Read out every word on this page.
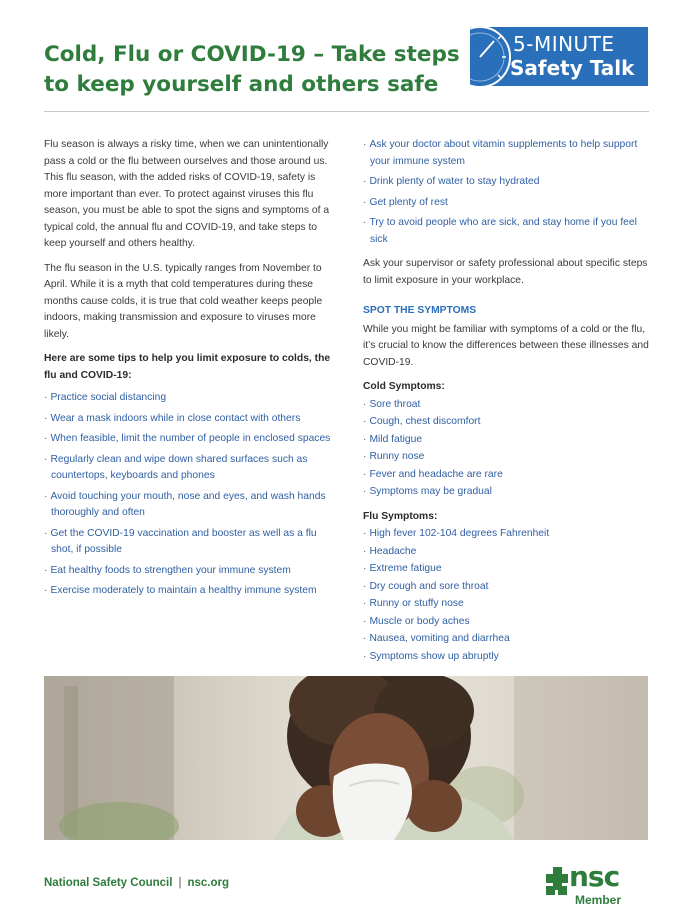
Cold, Flu or COVID-19 – Take steps
to keep yourself and others safe
5-MINUTE
Safety Talk

Flu season is always a risky time, when we can unintentionally pass a cold or the flu between ourselves and those around us. This flu season, with the added risks of COVID-19, safety is more important than ever. To protect against viruses this flu season, you must be able to spot the signs and symptoms of a typical cold, the annual flu and COVID-19, and take steps to keep yourself and others healthy.

The flu season in the U.S. typically ranges from November to April. While it is a myth that cold temperatures during these months cause colds, it is true that cold weather keeps people indoors, making transmission and exposure to viruses more likely.

Here are some tips to help you limit exposure to colds, the flu and COVID-19:

· Practice social distancing
· Wear a mask indoors while in close contact with others
· When feasible, limit the number of people in enclosed spaces
· Regularly clean and wipe down shared surfaces such as countertops, keyboards and phones
· Avoid touching your mouth, nose and eyes, and wash hands thoroughly and often
· Get the COVID-19 vaccination and booster as well as a flu shot, if possible
· Eat healthy foods to strengthen your immune system
· Exercise moderately to maintain a healthy immune system
· Ask your doctor about vitamin supplements to help support your immune system
· Drink plenty of water to stay hydrated
· Get plenty of rest
· Try to avoid people who are sick, and stay home if you feel sick

Ask your supervisor or safety professional about specific steps to limit exposure in your workplace.

SPOT THE SYMPTOMS

While you might be familiar with symptoms of a cold or the flu, it’s crucial to know the differences between these illnesses and COVID-19.

Cold Symptoms:
· Sore throat
· Cough, chest discomfort
· Mild fatigue
· Runny nose
· Fever and headache are rare
· Symptoms may be gradual
Flu Symptoms:
· High fever 102-104 degrees Fahrenheit
· Headache
· Extreme fatigue
· Dry cough and sore throat
· Runny or stuffy nose
· Muscle or body aches
· Nausea, vomiting and diarrhea
· Symptoms show up abruptly
National Safety Council | nsc.org	nsc
Member
